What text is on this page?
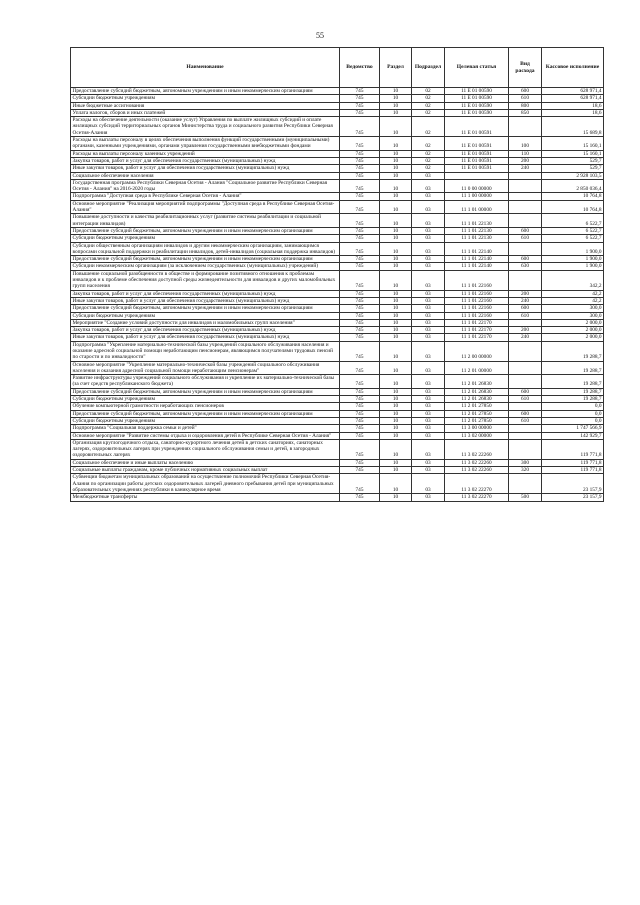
55
Наименование	Ведомство	Раздел	Подраздел	Целевая статья	Вид расхода	Кассовое исполнение
Предоставление субсидий бюджетным, автономным учреждениям и иным некоммерческим организациям	745	10	02	11 Е 01 00590	600	628 971,4
Субсидии бюджетным учреждениям	745	10	02	11 Е 01 00590	610	628 971,4
Иные бюджетные ассигнования	745	10	02	11 Е 01 00590	800	18,6
Уплата налогов, сборов и иных платежей	745	10	02	11 Е 01 00590	850	18,6
Расходы на обеспечение деятельности (оказание услуг) Управления по выплате жилищных субсидий и оплате жилищных субсидий территориальных органов Министерства труда и социального развития Республики Северная Осетия-Алания	745	10	02	11 Е 01 00591		15 689,8
Расходы на выплаты персоналу в целях обеспечения выполнения функций государственными (муниципальными) органами, казенными учреждениями, органами управления государственными внебюджетными фондами	745	10	02	11 Е 01 00591	100	15 160,1
Расходы на выплаты персоналу казенных учреждений	745	10	02	11 Е 01 00591	110	15 160,1
Закупка товаров, работ и услуг для обеспечения государственных (муниципальных) нужд	745	10	02	11 Е 01 00591	200	529,7
Иные закупки товаров, работ и услуг для обеспечения государственных (муниципальных) нужд	745	10	02	11 Е 01 00591	240	529,7
Социальное обеспечение населения	745	10	03			2 928 103,5
Государственная программа Республики Северная Осетия - Алания "Социальное развитие Республики Северная Осетия - Алания" на 2016-2020 годы	745	10	03	11 0 00 00000		2 850 036,4
Подпрограмма "Доступная среда в Республике Северная Осетия - Алания"	745	10	03	11 1 00 00000		10 764,8
Основное мероприятие "Реализация мероприятий подпрограммы "Доступная среда в Республике Северная Осетия-Алания"	745	10	03	11 1 01 00000		10 764,8
Повышение доступности и качества реабилитационных услуг (развитие системы реабилитации и социальной интеграции инвалидов)	745	10	03	11 1 01 22130		6 522,7
Предоставление субсидий бюджетным, автономным учреждениям и иным некоммерческим организациям	745	10	03	11 1 01 22130	600	6 522,7
Субсидии бюджетным учреждениям	745	10	03	11 1 01 22130	610	6 522,7
Субсидии общественным организациям инвалидов и другим некоммерческим организациям, занимающимся вопросами социальной поддержки и реабилитации инвалидов, детей-инвалидов (социальная поддержка инвалидов)	745	10	03	11 1 01 22140		1 900,0
Предоставление субсидий бюджетным, автономным учреждениям и иным некоммерческим организациям	745	10	03	11 1 01 22140	600	1 900,0
Субсидии некоммерческим организациям (за исключением государственных (муниципальных) учреждений)	745	10	03	11 1 01 22140	630	1 900,0
Повышение социальной разобщенности в обществе и формирование позитивного отношения к проблемам инвалидов и к проблеме обеспечения доступной среды жизнедеятельности для инвалидов и других маломобильных групп населения	745	10	03	11 1 01 22160		342,2
Закупка товаров, работ и услуг для обеспечения государственных (муниципальных) нужд	745	10	03	11 1 01 22160	200	42,2
Иные закупки товаров, работ и услуг для обеспечения государственных (муниципальных) нужд	745	10	03	11 1 01 22160	240	42,2
Предоставление субсидий бюджетным, автономным учреждениям и иным некоммерческим организациям	745	10	03	11 1 01 22160	600	300,0
Субсидии бюджетным учреждениям	745	10	03	11 1 01 22160	610	300,0
Мероприятие "Создание условий доступности для инвалидов и маломобильных групп населения"	745	10	03	11 1 01 22170		2 000,0
Закупка товаров, работ и услуг для обеспечения государственных (муниципальных) нужд	745	10	03	11 1 01 22170	200	2 000,0
Иные закупки товаров, работ и услуг для обеспечения государственных (муниципальных) нужд	745	10	03	11 1 01 22170	240	2 000,0
Подпрограмма "Укрепление материально-технической базы учреждений социального обслуживания населения и оказание адресной социальной помощи неработающим пенсионерам, являющимся получателями трудовых пенсий по старости и по инвалидности"	745	10	03	11 2 00 00000		19 288,7
Основное мероприятие "Укрепление материально-технической базы учреждений социального обслуживания населения и оказания адресной социальной помощи неработающим пенсионерам"	745	10	03	11 2 01 00000		19 288,7
Развитие инфраструктуры учреждений социального обслуживания и укрепление их материально-технической базы (за счет средств республиканского бюджета)	745	10	03	11 2 01 26830		19 288,7
Предоставление субсидий бюджетным, автономным учреждениям и иным некоммерческим организациям	745	10	03	11 2 01 26830	600	19 288,7
Субсидии бюджетным учреждениям	745	10	03	11 2 01 26830	610	19 288,7
Обучение компьютерной грамотности неработающих пенсионеров	745	10	03	11 2 01 27850		0,0
Предоставление субсидий бюджетным, автономным учреждениям и иным некоммерческим организациям	745	10	03	11 2 01 27850	600	0,0
Субсидии бюджетным учреждениям	745	10	03	11 2 01 27850	610	0,0
Подпрограмма "Социальная поддержка семьи и детей"	745	10	03	11 3 00 00000		1 747 566,9
Основное мероприятие "Развитие системы отдыха и оздоровления детей в Республике Северная Осетия - Алания"	745	10	03	11 3 02 00000		142 929,7
Организация круглогодичного отдыха, санаторно-курортного лечения детей в детских санаториях, санаторных лагерях, оздоровительных лагерях при учреждениях социального обслуживания семьи и детей, в загородных оздоровительных лагерях	745	10	03	11 3 02 22260		119 771,8
Социальное обеспечение и иные выплаты населению	745	10	03	11 3 02 22260	300	119 771,8
Социальные выплаты гражданам, кроме публичных нормативных социальных выплат	745	10	03	11 3 02 22260	320	119 771,8
Субвенции бюджетам муниципальных образований на осуществление полномочий Республики Северная Осетия-Алания по организации работы детских оздоровительных лагерей дневного пребывания детей при муниципальных образовательных учреждениях республики в каникулярное время	745	10	03	11 3 02 22270		23 157,9
Межбюджетные трансферты	745	10	03	11 3 02 22270	500	23 157,9
